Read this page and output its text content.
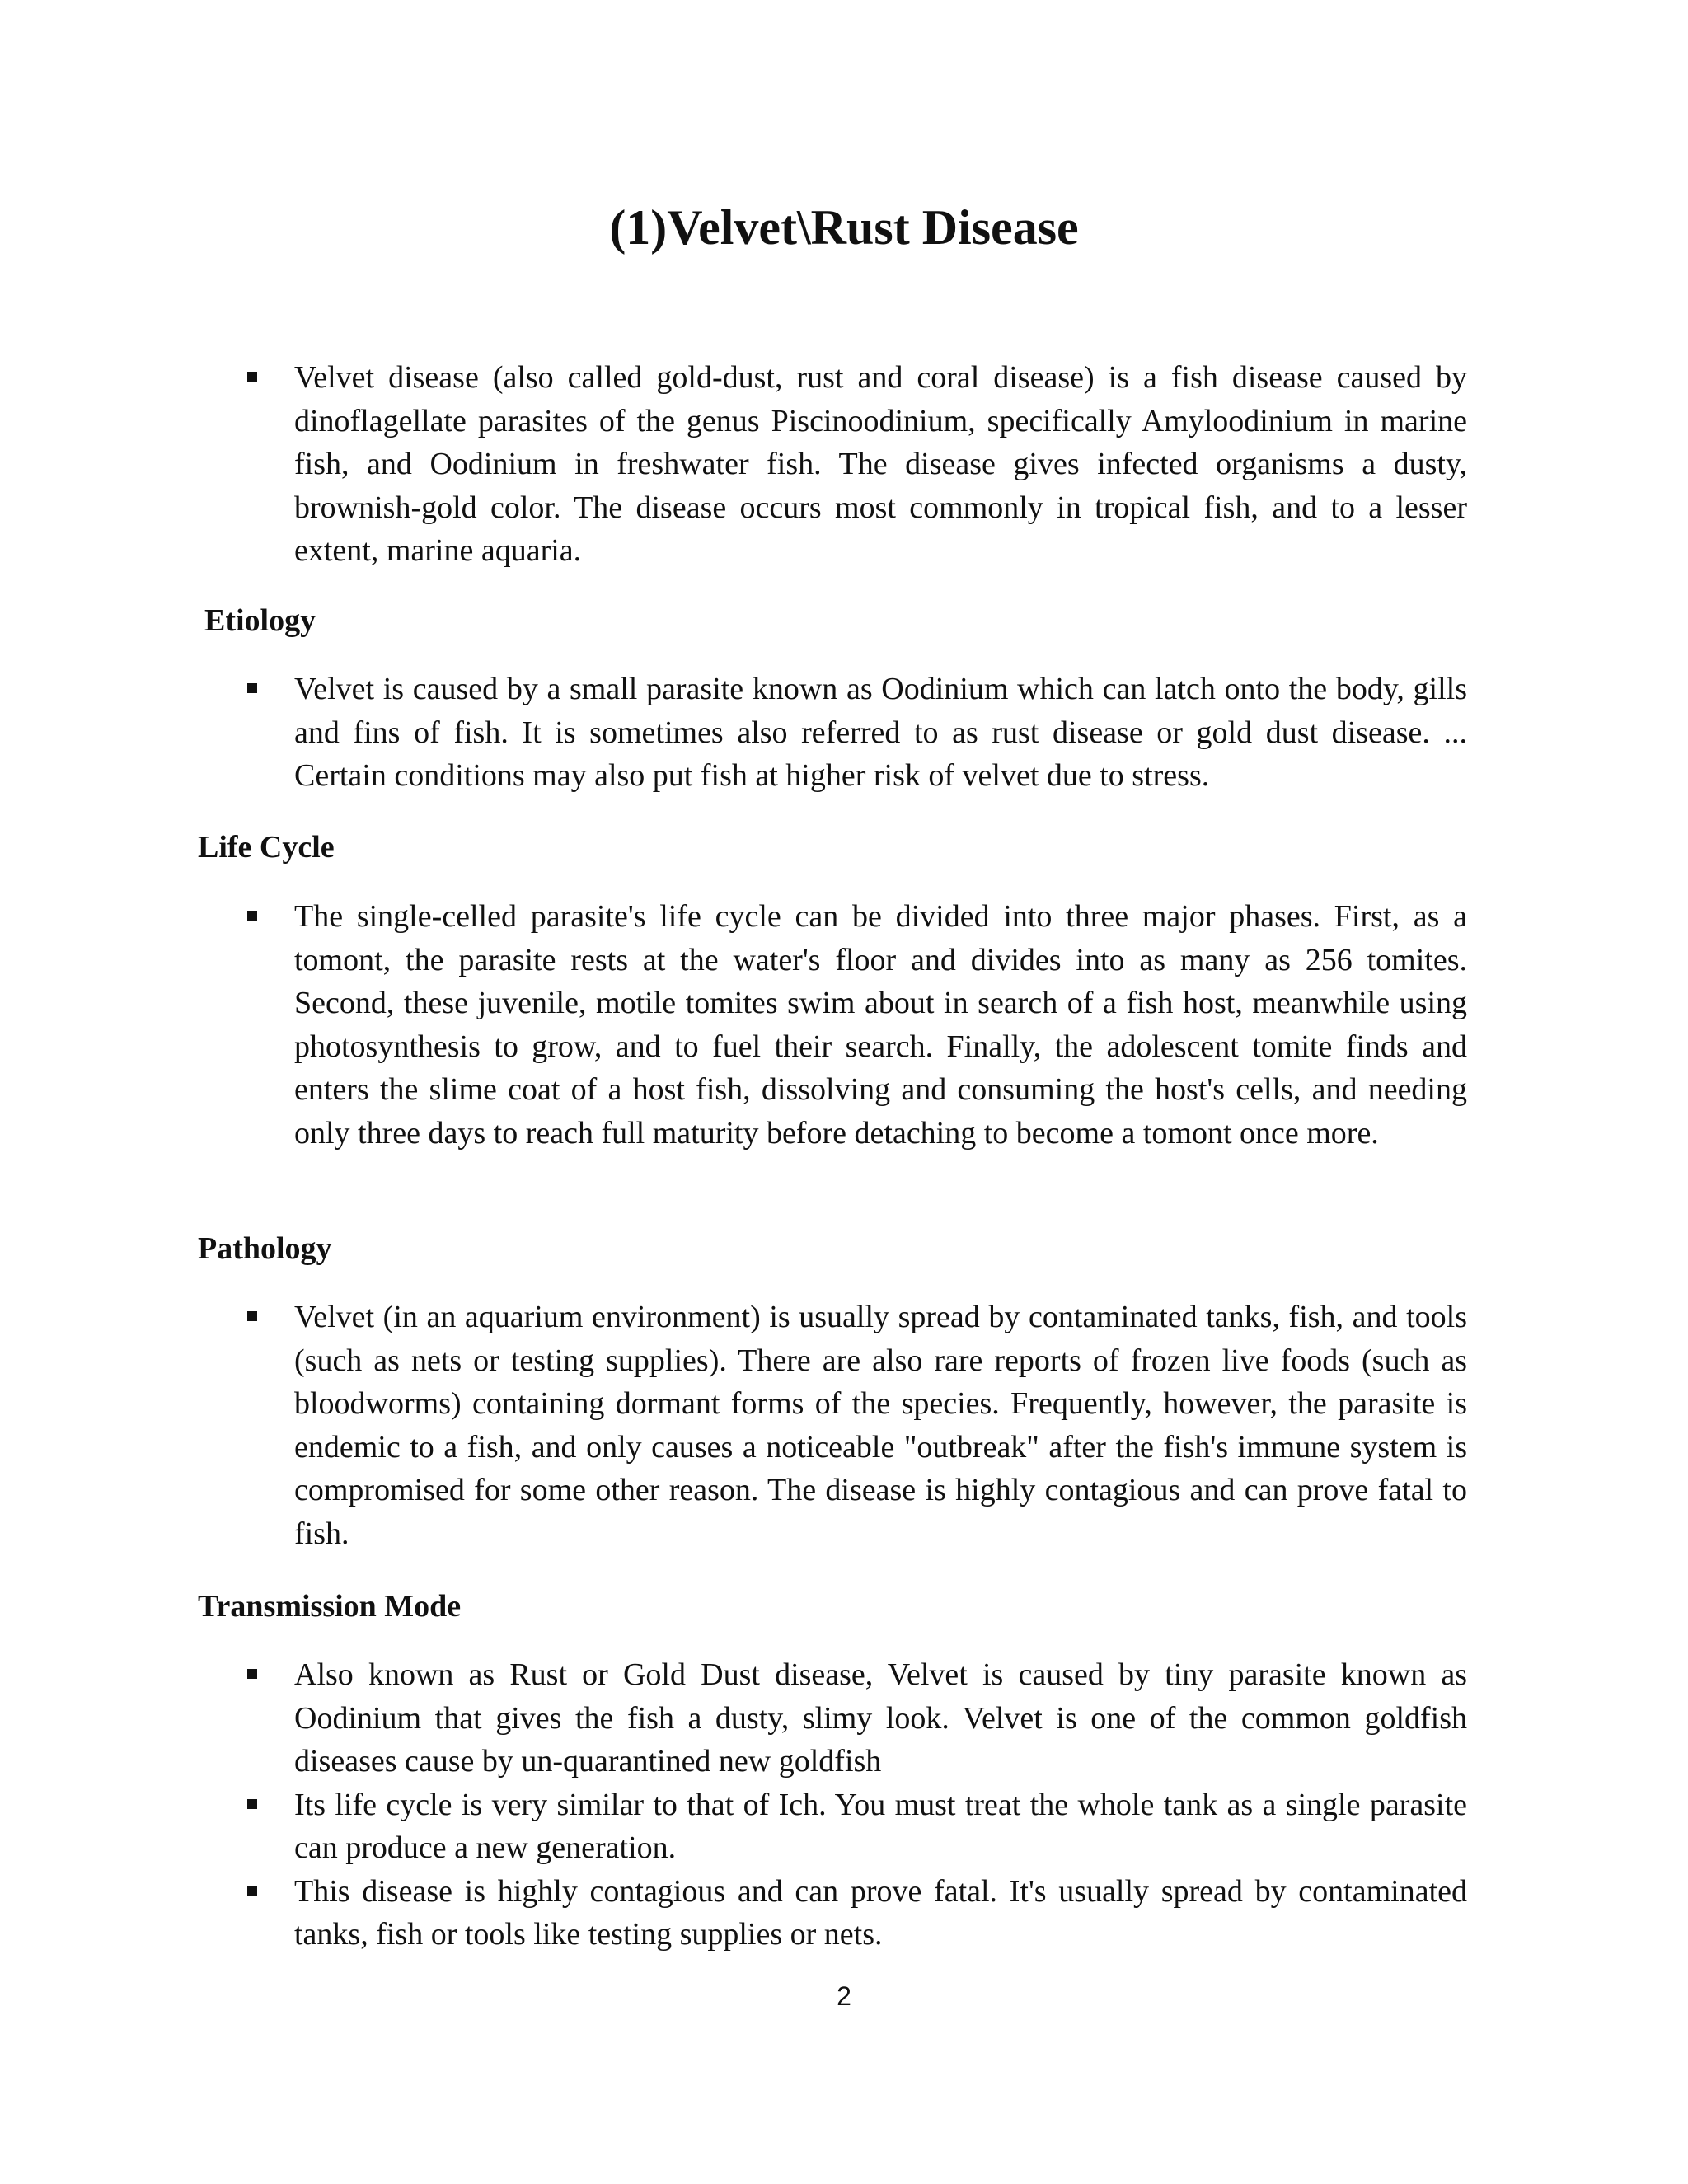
(1)Velvet\Rust Disease
Velvet disease (also called gold-dust, rust and coral disease) is a fish disease caused by dinoflagellate parasites of the genus Piscinoodinium, specifically Amyloodinium in marine fish, and Oodinium in freshwater fish. The disease gives infected organisms a dusty, brownish-gold color. The disease occurs most commonly in tropical fish, and to a lesser extent, marine aquaria.
Etiology
Velvet is caused by a small parasite known as Oodinium which can latch onto the body, gills and fins of fish. It is sometimes also referred to as rust disease or gold dust disease. ... Certain conditions may also put fish at higher risk of velvet due to stress.
Life Cycle
The single-celled parasite's life cycle can be divided into three major phases. First, as a tomont, the parasite rests at the water's floor and divides into as many as 256 tomites. Second, these juvenile, motile tomites swim about in search of a fish host, meanwhile using photosynthesis to grow, and to fuel their search. Finally, the adolescent tomite finds and enters the slime coat of a host fish, dissolving and consuming the host's cells, and needing only three days to reach full maturity before detaching to become a tomont once more.
Pathology
Velvet (in an aquarium environment) is usually spread by contaminated tanks, fish, and tools (such as nets or testing supplies). There are also rare reports of frozen live foods (such as bloodworms) containing dormant forms of the species. Frequently, however, the parasite is endemic to a fish, and only causes a noticeable "outbreak" after the fish's immune system is compromised for some other reason. The disease is highly contagious and can prove fatal to fish.
Transmission Mode
Also known as Rust or Gold Dust disease, Velvet is caused by tiny parasite known as Oodinium that gives the fish a dusty, slimy look. Velvet is one of the common goldfish diseases cause by un-quarantined new goldfish
Its life cycle is very similar to that of Ich. You must treat the whole tank as a single parasite can produce a new generation.
This disease is highly contagious and can prove fatal. It's usually spread by contaminated tanks, fish or tools like testing supplies or nets.
2
